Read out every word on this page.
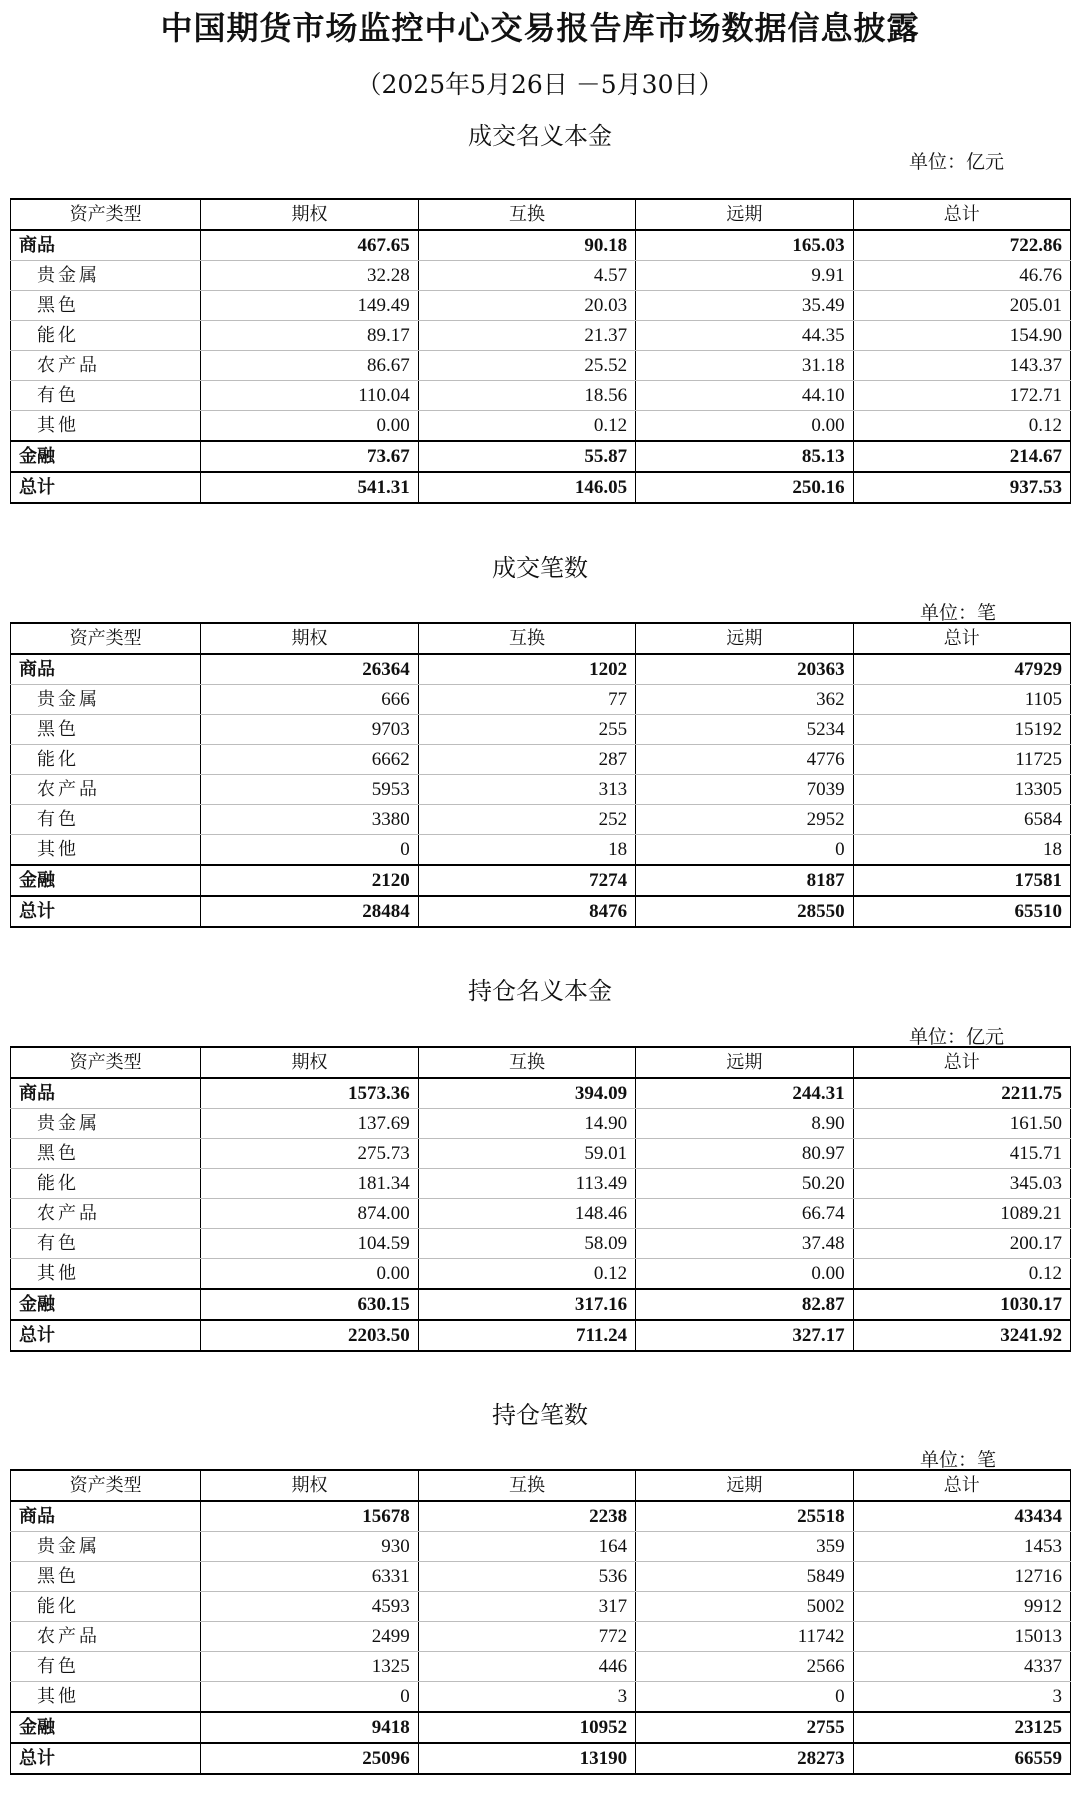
中国期货市场监控中心交易报告库市场数据信息披露
（2025年5月26日 －5月30日）
成交名义本金
单位：亿元
资产类型	期权	互换	远期	总计
商品	467.65	90.18	165.03	722.86
贵金属	32.28	4.57	9.91	46.76
黑色	149.49	20.03	35.49	205.01
能化	89.17	21.37	44.35	154.90
农产品	86.67	25.52	31.18	143.37
有色	110.04	18.56	44.10	172.71
其他	0.00	0.12	0.00	0.12
金融	73.67	55.87	85.13	214.67
总计	541.31	146.05	250.16	937.53
成交笔数
单位：笔
资产类型	期权	互换	远期	总计
商品	26364	1202	20363	47929
贵金属	666	77	362	1105
黑色	9703	255	5234	15192
能化	6662	287	4776	11725
农产品	5953	313	7039	13305
有色	3380	252	2952	6584
其他	0	18	0	18
金融	2120	7274	8187	17581
总计	28484	8476	28550	65510
持仓名义本金
单位：亿元
资产类型	期权	互换	远期	总计
商品	1573.36	394.09	244.31	2211.75
贵金属	137.69	14.90	8.90	161.50
黑色	275.73	59.01	80.97	415.71
能化	181.34	113.49	50.20	345.03
农产品	874.00	148.46	66.74	1089.21
有色	104.59	58.09	37.48	200.17
其他	0.00	0.12	0.00	0.12
金融	630.15	317.16	82.87	1030.17
总计	2203.50	711.24	327.17	3241.92
持仓笔数
单位：笔
资产类型	期权	互换	远期	总计
商品	15678	2238	25518	43434
贵金属	930	164	359	1453
黑色	6331	536	5849	12716
能化	4593	317	5002	9912
农产品	2499	772	11742	15013
有色	1325	446	2566	4337
其他	0	3	0	3
金融	9418	10952	2755	23125
总计	25096	13190	28273	66559
